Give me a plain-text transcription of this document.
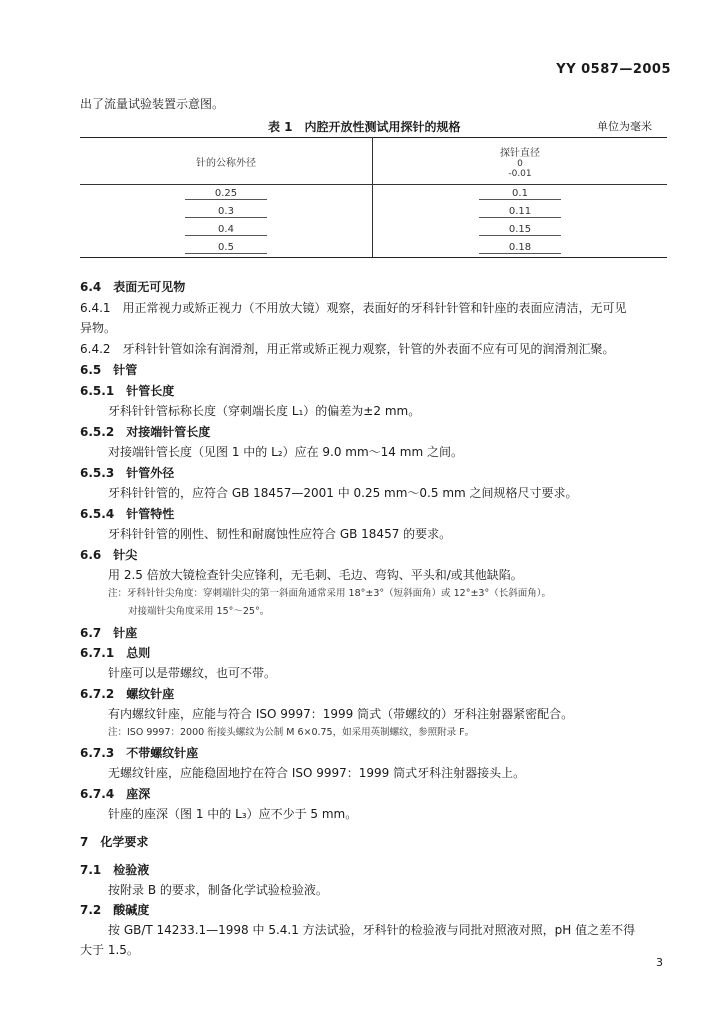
YY 0587—2005
出了流量试验装置示意图。
表 1　内腔开放性测试用探针的规格	单位为毫米
针的公称外径	探针直径
0
-0.01

0.25	0.1
0.3	0.11
0.4	0.15
0.5	0.18
6.4　 表面无可见物
6.4.1　用正常视力或矫正视力（不用放大镜）观察，表面好的牙科针针管和针座的表面应清洁，无可见
异物。
6.4.2　牙科针针管如涂有润滑剂，用正常或矫正视力观察，针管的外表面不应有可见的润滑剂汇聚。
6.5　 针管
6.5.1　 针管长度
牙科针针管标称长度（穿刺端长度 L₁）的偏差为±2 mm。
6.5.2　 对接端针管长度
对接端针管长度（见图 1 中的 L₂）应在 9.0 mm～14 mm 之间。
6.5.3　 针管外径
牙科针针管的，应符合 GB 18457—2001 中 0.25 mm～0.5 mm 之间规格尺寸要求。
6.5.4　 针管特性
牙科针针管的刚性、韧性和耐腐蚀性应符合 GB 18457 的要求。
6.6　 针尖
用 2.5 倍放大镜检查针尖应锋利，无毛刺、毛边、弯钩、平头和/或其他缺陷。
注：牙科针针尖角度：穿刺端针尖的第一斜面角通常采用 18°±3°（短斜面角）或 12°±3°（长斜面角）。
对接端针尖角度采用 15°～25°。
6.7　 针座
6.7.1　 总则
针座可以是带螺纹，也可不带。
6.7.2　 螺纹针座
有内螺纹针座，应能与符合 ISO 9997：1999 筒式（带螺纹的）牙科注射器紧密配合。
注：ISO 9997：2000 衔接头螺纹为公制 M 6×0.75，如采用英制螺纹，参照附录 F。
6.7.3　 不带螺纹针座
无螺纹针座，应能稳固地拧在符合 ISO 9997：1999 筒式牙科注射器接头上。
6.7.4　 座深
针座的座深（图 1 中的 L₃）应不少于 5 mm。
7　 化学要求
7.1　 检验液
按附录 B 的要求，制备化学试验检验液。
7.2　 酸碱度
按 GB/T 14233.1—1998 中 5.4.1 方法试验，牙科针的检验液与同批对照液对照，pH 值之差不得
大于 1.5。
3
